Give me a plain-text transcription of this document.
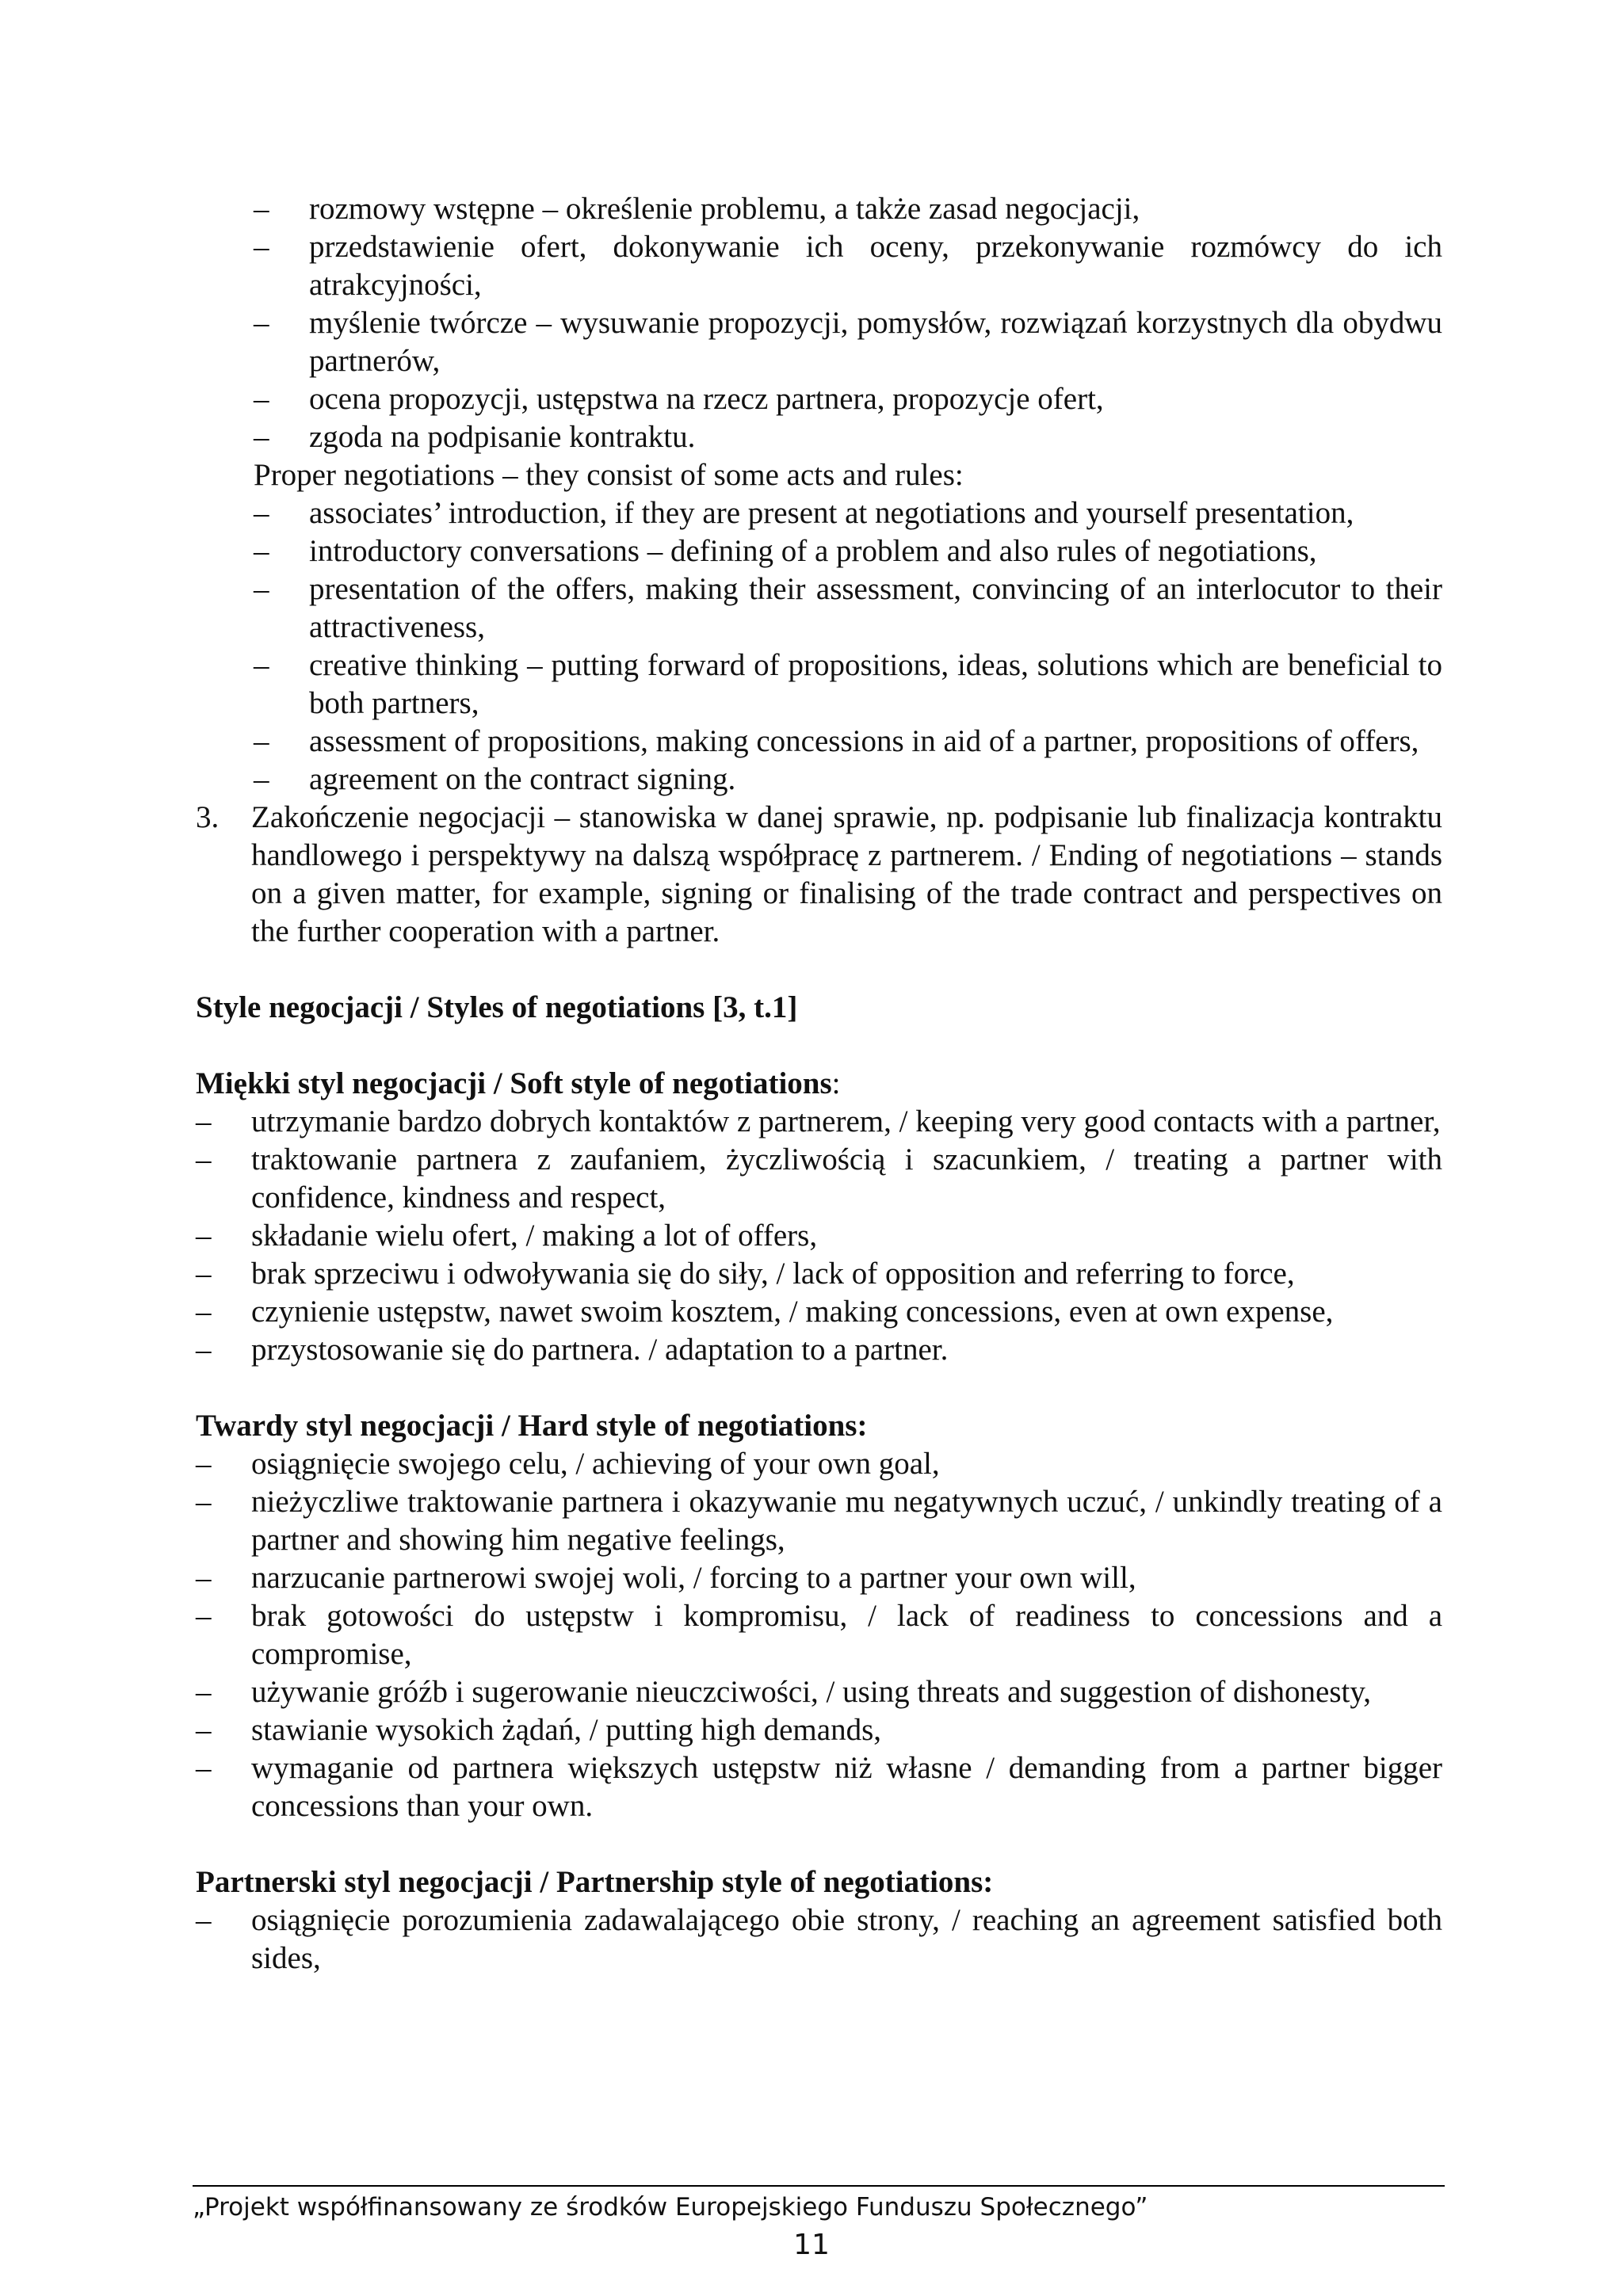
– rozmowy wstępne – określenie problemu, a także zasad negocjacji,
– przedstawienie ofert, dokonywanie ich oceny, przekonywanie rozmówcy do ich atrakcyjności,
– myślenie twórcze – wysuwanie propozycji, pomysłów, rozwiązań korzystnych dla obydwu partnerów,
– ocena propozycji, ustępstwa na rzecz partnera, propozycje ofert,
– zgoda na podpisanie kontraktu.
Proper negotiations – they consist of some acts and rules:
– associates’ introduction, if they are present at negotiations and yourself presentation,
– introductory conversations – defining of a problem and also rules of negotiations,
– presentation of the offers, making their assessment, convincing of an interlocutor to their attractiveness,
– creative thinking – putting forward of propositions, ideas, solutions which are beneficial to both partners,
– assessment of propositions, making concessions in aid of a partner, propositions of offers,
– agreement on the contract signing.
3. Zakończenie negocjacji – stanowiska w danej sprawie, np. podpisanie lub finalizacja kontraktu handlowego i perspektywy na dalszą współpracę z partnerem. / Ending of negotiations – stands on a given matter, for example, signing or finalising of the trade contract and perspectives on the further cooperation with a partner.
Style negocjacji / Styles of negotiations [3, t.1]
Miękki styl negocjacji / Soft style of negotiations:
– utrzymanie bardzo dobrych kontaktów z partnerem, / keeping very good contacts with a partner,
– traktowanie partnera z zaufaniem, życzliwością i szacunkiem, / treating a partner with confidence, kindness and respect,
– składanie wielu ofert, / making a lot of offers,
– brak sprzeciwu i odwoływania się do siły, / lack of opposition and referring to force,
– czynienie ustępstw, nawet swoim kosztem, / making concessions, even at own expense,
– przystosowanie się do partnera. / adaptation to a partner.
Twardy styl negocjacji / Hard style of negotiations:
– osiągnięcie swojego celu, / achieving of your own goal,
– nieżyczliwe traktowanie partnera i okazywanie mu negatywnych uczuć, / unkindly treating of a partner and showing him negative feelings,
– narzucanie partnerowi swojej woli, / forcing to a partner your own will,
– brak gotowości do ustępstw i kompromisu, / lack of readiness to concessions and a compromise,
– używanie gróźb i sugerowanie nieuczciwości, / using threats and suggestion of dishonesty,
– stawianie wysokich żądań, / putting high demands,
– wymaganie od partnera większych ustępstw niż własne / demanding from a partner bigger concessions than your own.
Partnerski styl negocjacji / Partnership style of negotiations:
– osiągnięcie porozumienia zadawalającego obie strony, / reaching an agreement satisfied both sides,
„Projekt współfinansowany ze środków Europejskiego Funduszu Społecznego”
11
